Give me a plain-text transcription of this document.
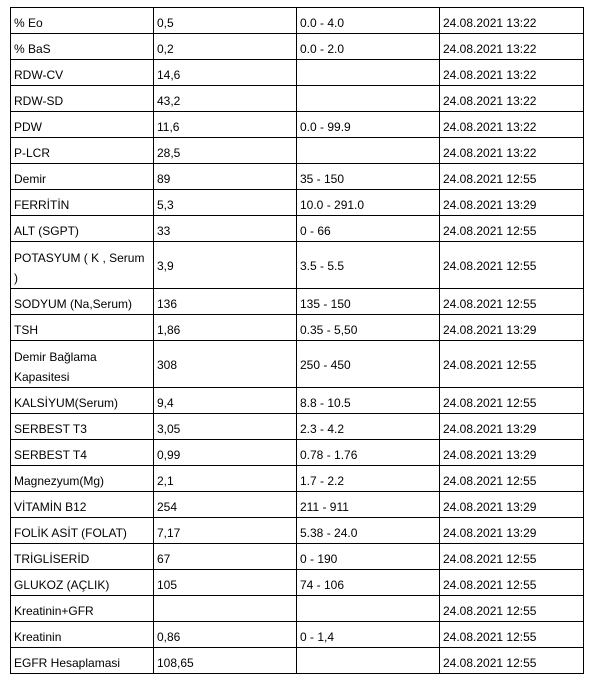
% Eo	0,5	0.0 - 4.0	24.08.2021 13:22
% BaS	0,2	0.0 - 2.0	24.08.2021 13:22
RDW-CV	14,6		24.08.2021 13:22
RDW-SD	43,2		24.08.2021 13:22
PDW	11,6	0.0 - 99.9	24.08.2021 13:22
P-LCR	28,5		24.08.2021 13:22
Demir	89	35 - 150	24.08.2021 12:55
FERRİTİN	5,3	10.0 - 291.0	24.08.2021 13:29
ALT (SGPT)	33	0 - 66	24.08.2021 12:55
POTASYUM ( K , Serum )	3,9	3.5 - 5.5	24.08.2021 12:55
SODYUM (Na,Serum)	136	135 - 150	24.08.2021 12:55
TSH	1,86	0.35 - 5,50	24.08.2021 13:29
Demir Bağlama Kapasitesi	308	250 - 450	24.08.2021 12:55
KALSİYUM(Serum)	9,4	8.8 - 10.5	24.08.2021 12:55
SERBEST T3	3,05	2.3 - 4.2	24.08.2021 13:29
SERBEST T4	0,99	0.78 - 1.76	24.08.2021 13:29
Magnezyum(Mg)	2,1	1.7 - 2.2	24.08.2021 12:55
VİTAMİN B12	254	211 - 911	24.08.2021 13:29
FOLİK ASİT (FOLAT)	7,17	5.38 - 24.0	24.08.2021 13:29
TRİGLİSERİD	67	0 - 190	24.08.2021 12:55
GLUKOZ (AÇLIK)	105	74 - 106	24.08.2021 12:55
Kreatinin+GFR			24.08.2021 12:55
Kreatinin	0,86	0 - 1,4	24.08.2021 12:55
EGFR Hesaplamasi	108,65		24.08.2021 12:55
